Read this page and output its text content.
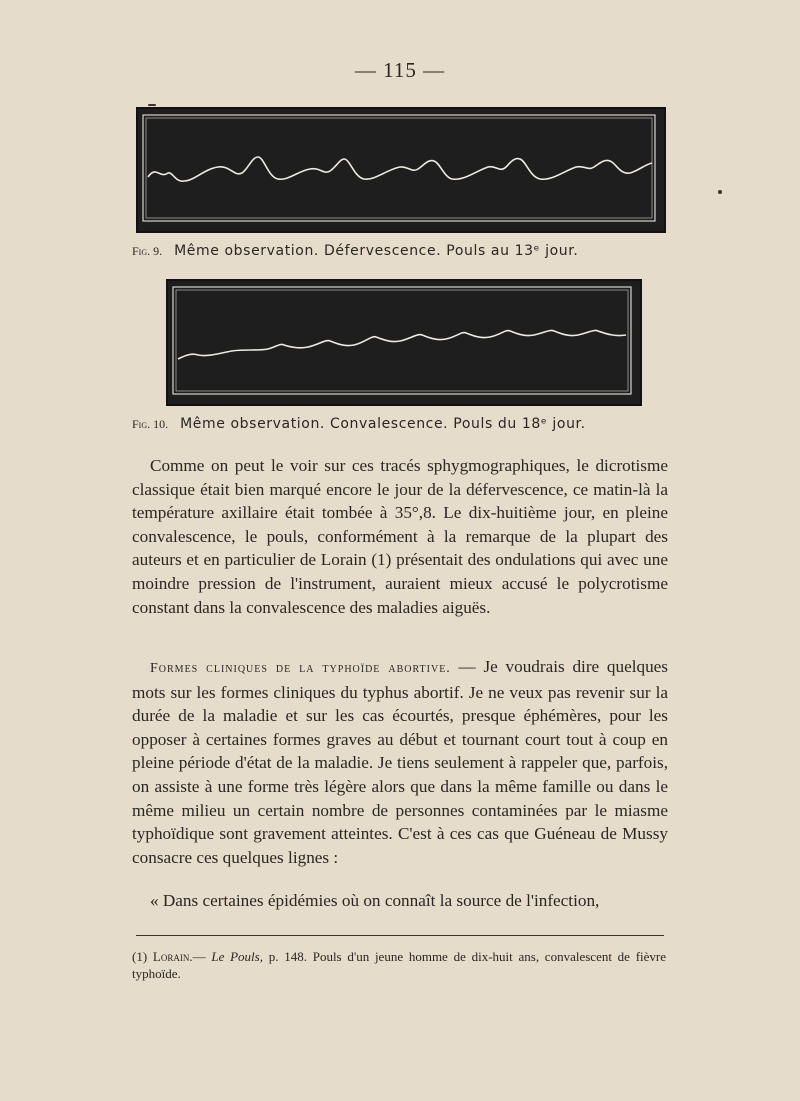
— 115 —
Fig. 9. Même observation. Défervescence. Pouls au 13ᵉ jour.
Fig. 10. Même observation. Convalescence. Pouls du 18ᵉ jour.
Comme on peut le voir sur ces tracés sphygmographiques, le dicrotisme classique était bien marqué encore le jour de la défervescence, ce matin-là la température axillaire était tombée à 35°,8. Le dix-huitième jour, en pleine convalescence, le pouls, conformément à la remarque de la plupart des auteurs et en particulier de Lorain (1) présentait des ondulations qui avec une moindre pression de l'instrument, auraient mieux accusé le polycrotisme constant dans la convalescence des maladies aiguës.
Formes cliniques de la typhoïde abortive. — Je voudrais dire quelques mots sur les formes cliniques du typhus abortif. Je ne veux pas revenir sur la durée de la maladie et sur les cas écourtés, presque éphémères, pour les opposer à certaines formes graves au début et tournant court tout à coup en pleine période d'état de la maladie. Je tiens seulement à rappeler que, parfois, on assiste à une forme très légère alors que dans la même famille ou dans le même milieu un certain nombre de personnes contaminées par le miasme typhoïdique sont gravement atteintes. C'est à ces cas que Guéneau de Mussy consacre ces quelques lignes :
« Dans certaines épidémies où on connaît la source de l'infection,
(1) Lorain.— Le Pouls, p. 148. Pouls d'un jeune homme de dix-huit ans, convalescent de fièvre typhoïde.
